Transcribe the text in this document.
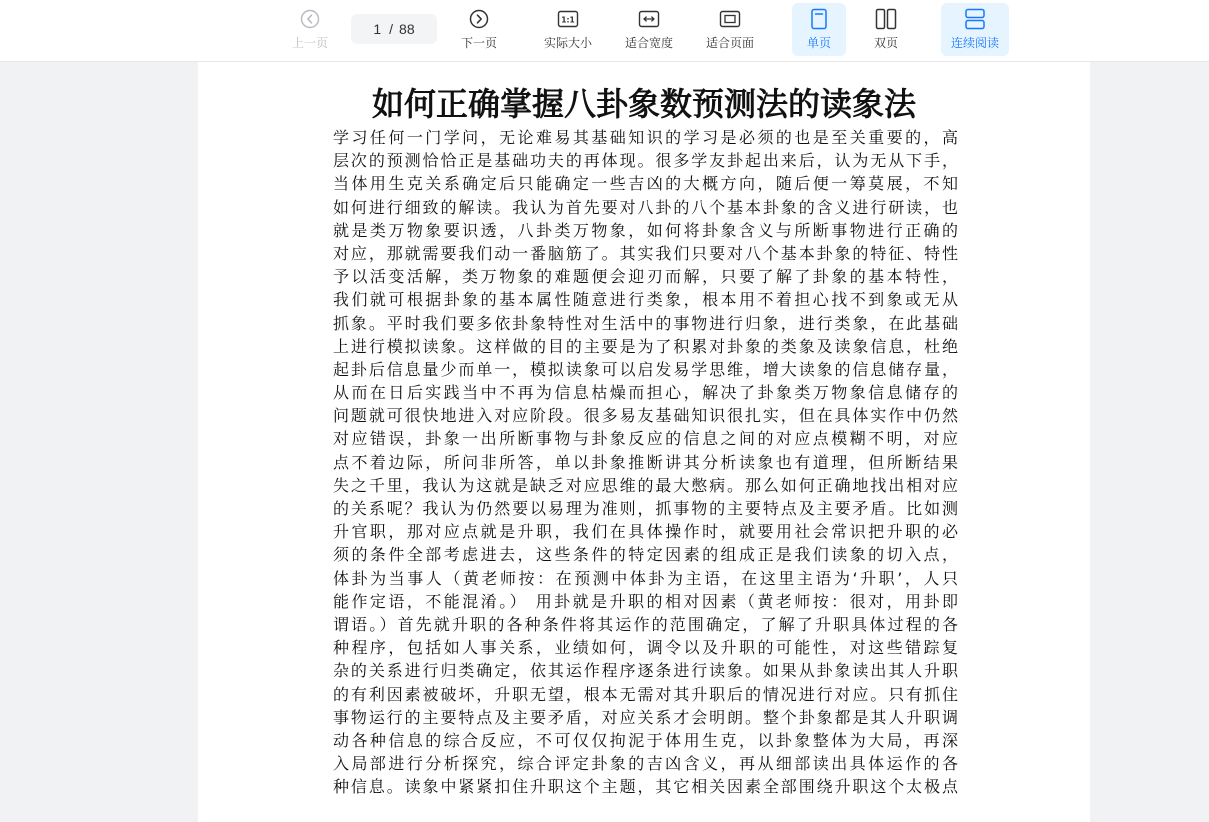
上一页
1 / 88
下一页
1:1
实际大小	适合宽度	适合页面	单页	双页	连续阅读
如何正确掌握八卦象数预测法的读象法
学习任何一门学问，无论难易其基础知识的学习是必须的也是至关重要的，高
层次的预测恰恰正是基础功夫的再体现。很多学友卦起出来后，认为无从下手，
当体用生克关系确定后只能确定一些吉凶的大概方向，随后便一筹莫展，不知
如何进行细致的解读。我认为首先要对八卦的八个基本卦象的含义进行研读，也
就是类万物象要识透，八卦类万物象，如何将卦象含义与所断事物进行正确的
对应，那就需要我们动一番脑筋了。其实我们只要对八个基本卦象的特征、特性
予以活变活解，类万物象的难题便会迎刃而解，只要了解了卦象的基本特性，
我们就可根据卦象的基本属性随意进行类象，根本用不着担心找不到象或无从
抓象。平时我们要多依卦象特性对生活中的事物进行归象，进行类象，在此基础
上进行模拟读象。这样做的目的主要是为了积累对卦象的类象及读象信息，杜绝
起卦后信息量少而单一，模拟读象可以启发易学思维，增大读象的信息储存量，
从而在日后实践当中不再为信息枯燥而担心，解决了卦象类万物象信息储存的
问题就可很快地进入对应阶段。很多易友基础知识很扎实，但在具体实作中仍然
对应错误，卦象一出所断事物与卦象反应的信息之间的对应点模糊不明，对应
点不着边际，所问非所答，单以卦象推断讲其分析读象也有道理，但所断结果
失之千里，我认为这就是缺乏对应思维的最大憋病。那么如何正确地找出相对应
的关系呢？我认为仍然要以易理为准则，抓事物的主要特点及主要矛盾。比如测
升官职，那对应点就是升职，我们在具体操作时，就要用社会常识把升职的必
须的条件全部考虑进去，这些条件的特定因素的组成正是我们读象的切入点，
体卦为当事人（黄老师按：在预测中体卦为主语，在这里主语为‘升职’，人只
能作定语，不能混淆。） 用卦就是升职的相对因素（黄老师按：很对，用卦即
谓语。）首先就升职的各种条件将其运作的范围确定，了解了升职具体过程的各
种程序，包括如人事关系，业绩如何，调令以及升职的可能性，对这些错踪复
杂的关系进行归类确定，依其运作程序逐条进行读象。如果从卦象读出其人升职
的有利因素被破坏，升职无望，根本无需对其升职后的情况进行对应。只有抓住
事物运行的主要特点及主要矛盾，对应关系才会明朗。整个卦象都是其人升职调
动各种信息的综合反应，不可仅仅拘泥于体用生克，以卦象整体为大局，再深
入局部进行分析探究，综合评定卦象的吉凶含义，再从细部读出具体运作的各
种信息。读象中紧紧扣住升职这个主题，其它相关因素全部围绕升职这个太极点
